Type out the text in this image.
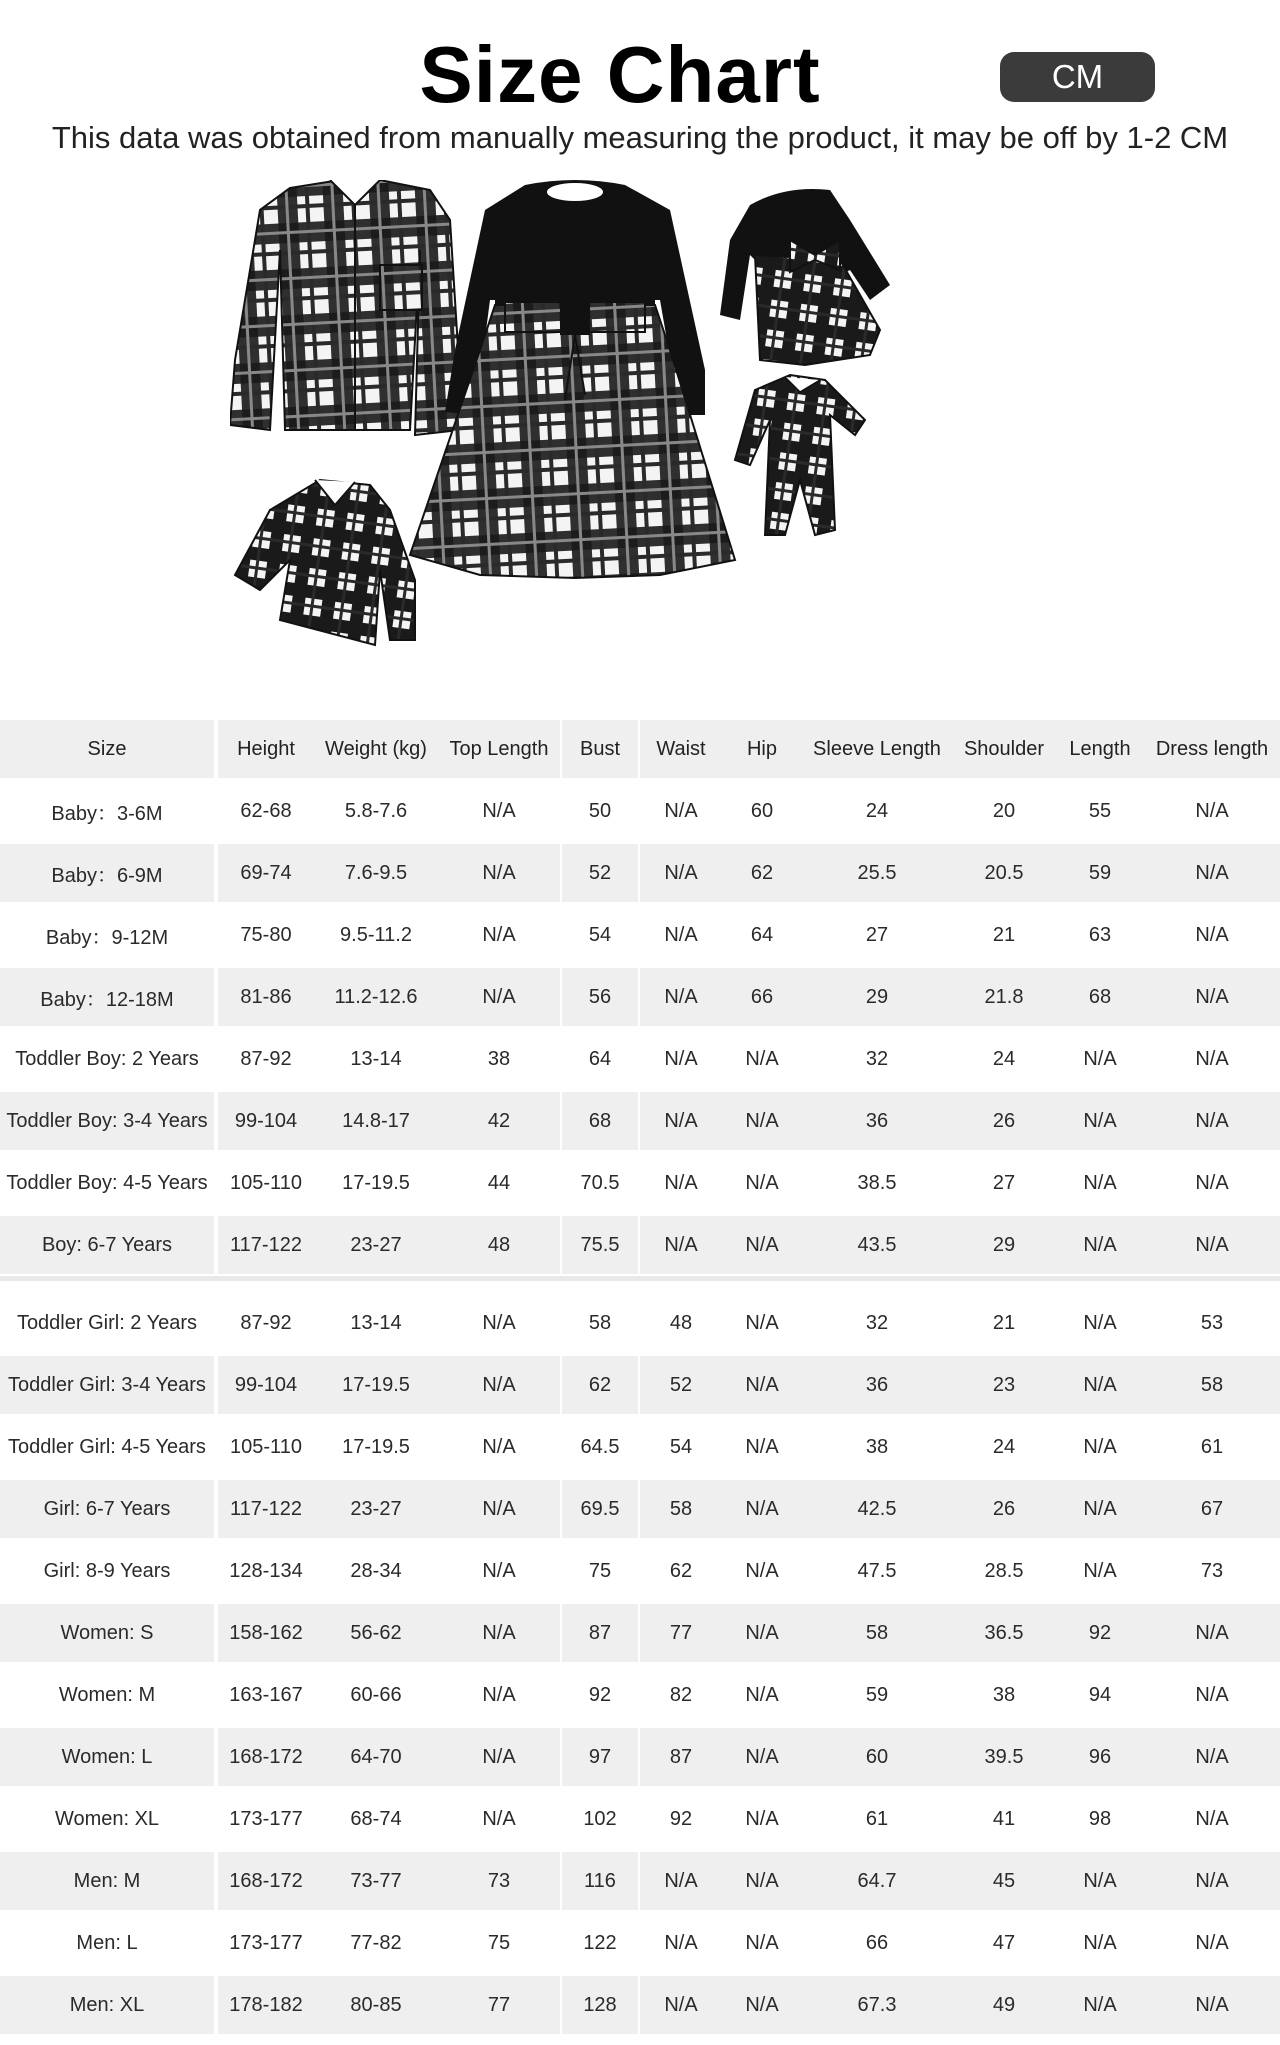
Size Chart	CM
This data was obtained from manually measuring the product, it may be off by 1-2 CM
Size	Height	Weight (kg)	Top Length	Bust	Waist	Hip	Sleeve Length	Shoulder	Length	Dress length
Baby：3-6M	62-68	5.8-7.6	N/A	50	N/A	60	24	20	55	N/A
Baby：6-9M	69-74	7.6-9.5	N/A	52	N/A	62	25.5	20.5	59	N/A
Baby：9-12M	75-80	9.5-11.2	N/A	54	N/A	64	27	21	63	N/A
Baby：12-18M	81-86	11.2-12.6	N/A	56	N/A	66	29	21.8	68	N/A
Toddler Boy: 2 Years	87-92	13-14	38	64	N/A	N/A	32	24	N/A	N/A
Toddler Boy: 3-4 Years	99-104	14.8-17	42	68	N/A	N/A	36	26	N/A	N/A
Toddler Boy: 4-5 Years	105-110	17-19.5	44	70.5	N/A	N/A	38.5	27	N/A	N/A
Boy: 6-7 Years	117-122	23-27	48	75.5	N/A	N/A	43.5	29	N/A	N/A
Toddler Girl: 2 Years	87-92	13-14	N/A	58	48	N/A	32	21	N/A	53
Toddler Girl: 3-4 Years	99-104	17-19.5	N/A	62	52	N/A	36	23	N/A	58
Toddler Girl: 4-5 Years	105-110	17-19.5	N/A	64.5	54	N/A	38	24	N/A	61
Girl: 6-7 Years	117-122	23-27	N/A	69.5	58	N/A	42.5	26	N/A	67
Girl: 8-9 Years	128-134	28-34	N/A	75	62	N/A	47.5	28.5	N/A	73
Women: S	158-162	56-62	N/A	87	77	N/A	58	36.5	92	N/A
Women: M	163-167	60-66	N/A	92	82	N/A	59	38	94	N/A
Women: L	168-172	64-70	N/A	97	87	N/A	60	39.5	96	N/A
Women: XL	173-177	68-74	N/A	102	92	N/A	61	41	98	N/A
Men: M	168-172	73-77	73	116	N/A	N/A	64.7	45	N/A	N/A
Men: L	173-177	77-82	75	122	N/A	N/A	66	47	N/A	N/A
Men: XL	178-182	80-85	77	128	N/A	N/A	67.3	49	N/A	N/A
